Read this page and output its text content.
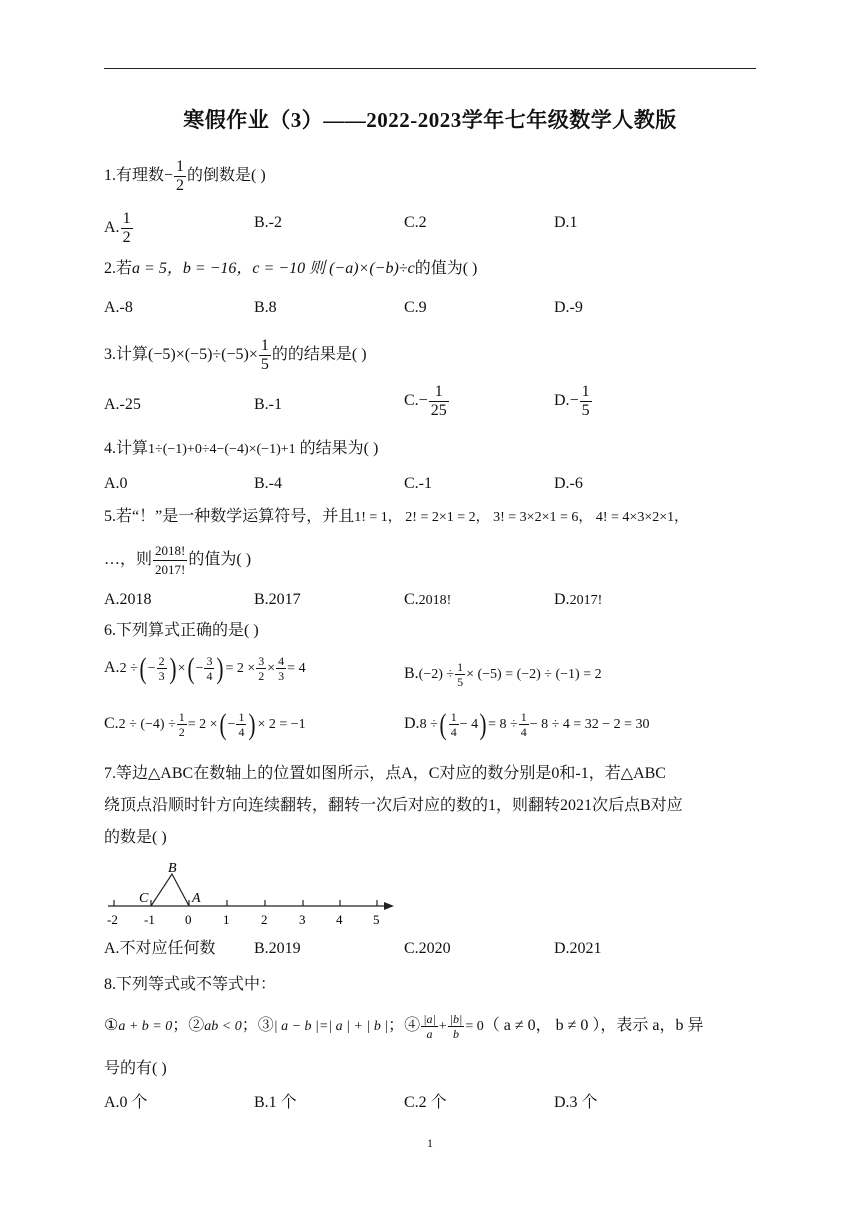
寒假作业（3）——2022-2023学年七年级数学人教版
1.有理数− $\frac{1}{2}$ 的倒数是( )
A. $\frac{1}{2}$	B.-2	C.2	D.1
2.若a = 5，b = −16，c = −10 则 (−a)×(−b)÷c的值为( )
A.-8	B.8	C.9	D.-9
3.计算$(-5)\times(-5)\div(-5)\times \frac{1}{5}$ 的的结果是( )
A.-25	B.-1	$C.- \frac{1}{25}$	$D.- \frac{1}{5}$
4.计算1÷(−1)+0÷4−(−4)×(−1)+1 的结果为( )
A.0	B.-4	C.-1	D.-6
5.若“！”是一种数学运算符号，并且1! = 1， 2! = 2×1 = 2， 3! = 3×2×1 = 6， 4! = 4×3×2×1，
…，则 $\frac{2018!}{2017!}$ 的值为( )
A.2018	B.2017	C.2018!	D.2017!
6.下列算式正确的是( )
A.2 ÷( − $\frac{2}{3}$ ) ×( − $\frac{3}{4}$ ) = $2 \times \frac{3}{2} \times \frac{4}{3} = 4$	$B.(-2) \div \frac{1}{5} \times (-5) = (-2) \div (-1) = 2$
$C.2 \div (-4) \div \frac{1}{2} = 2$ ×( − $\frac{1}{4}$ ) × 2 = −1	D.8 ÷( $\frac{1}{4} - 4) = 8 \div \frac{1}{4} - 8 \div 4 = 32 - 2 = 30$
7.等边△ABC在数轴上的位置如图所示，点A，C对应的数分别是0和-1，若△ABC
绕顶点沿顺时针方向连续翻转，翻转一次后对应的数的1，则翻转2021次后点B对应
的数是( )
B
C	A
-2 -1 0 1 2 3 4 5
A.不对应任何数 B.2019	C.2020	D.2021
8.下列等式或不等式中：
①a + b = 0；②ab < 0；③| a − b |=| a | + | b |；④ $\frac{|a|}{a} + \frac{|b|}{b} = 0$（ a ≠ 0， b ≠ 0 ），表示 a，b 异
号的有( )
A.0 个	B.1 个	C.2 个	D.3 个
1
